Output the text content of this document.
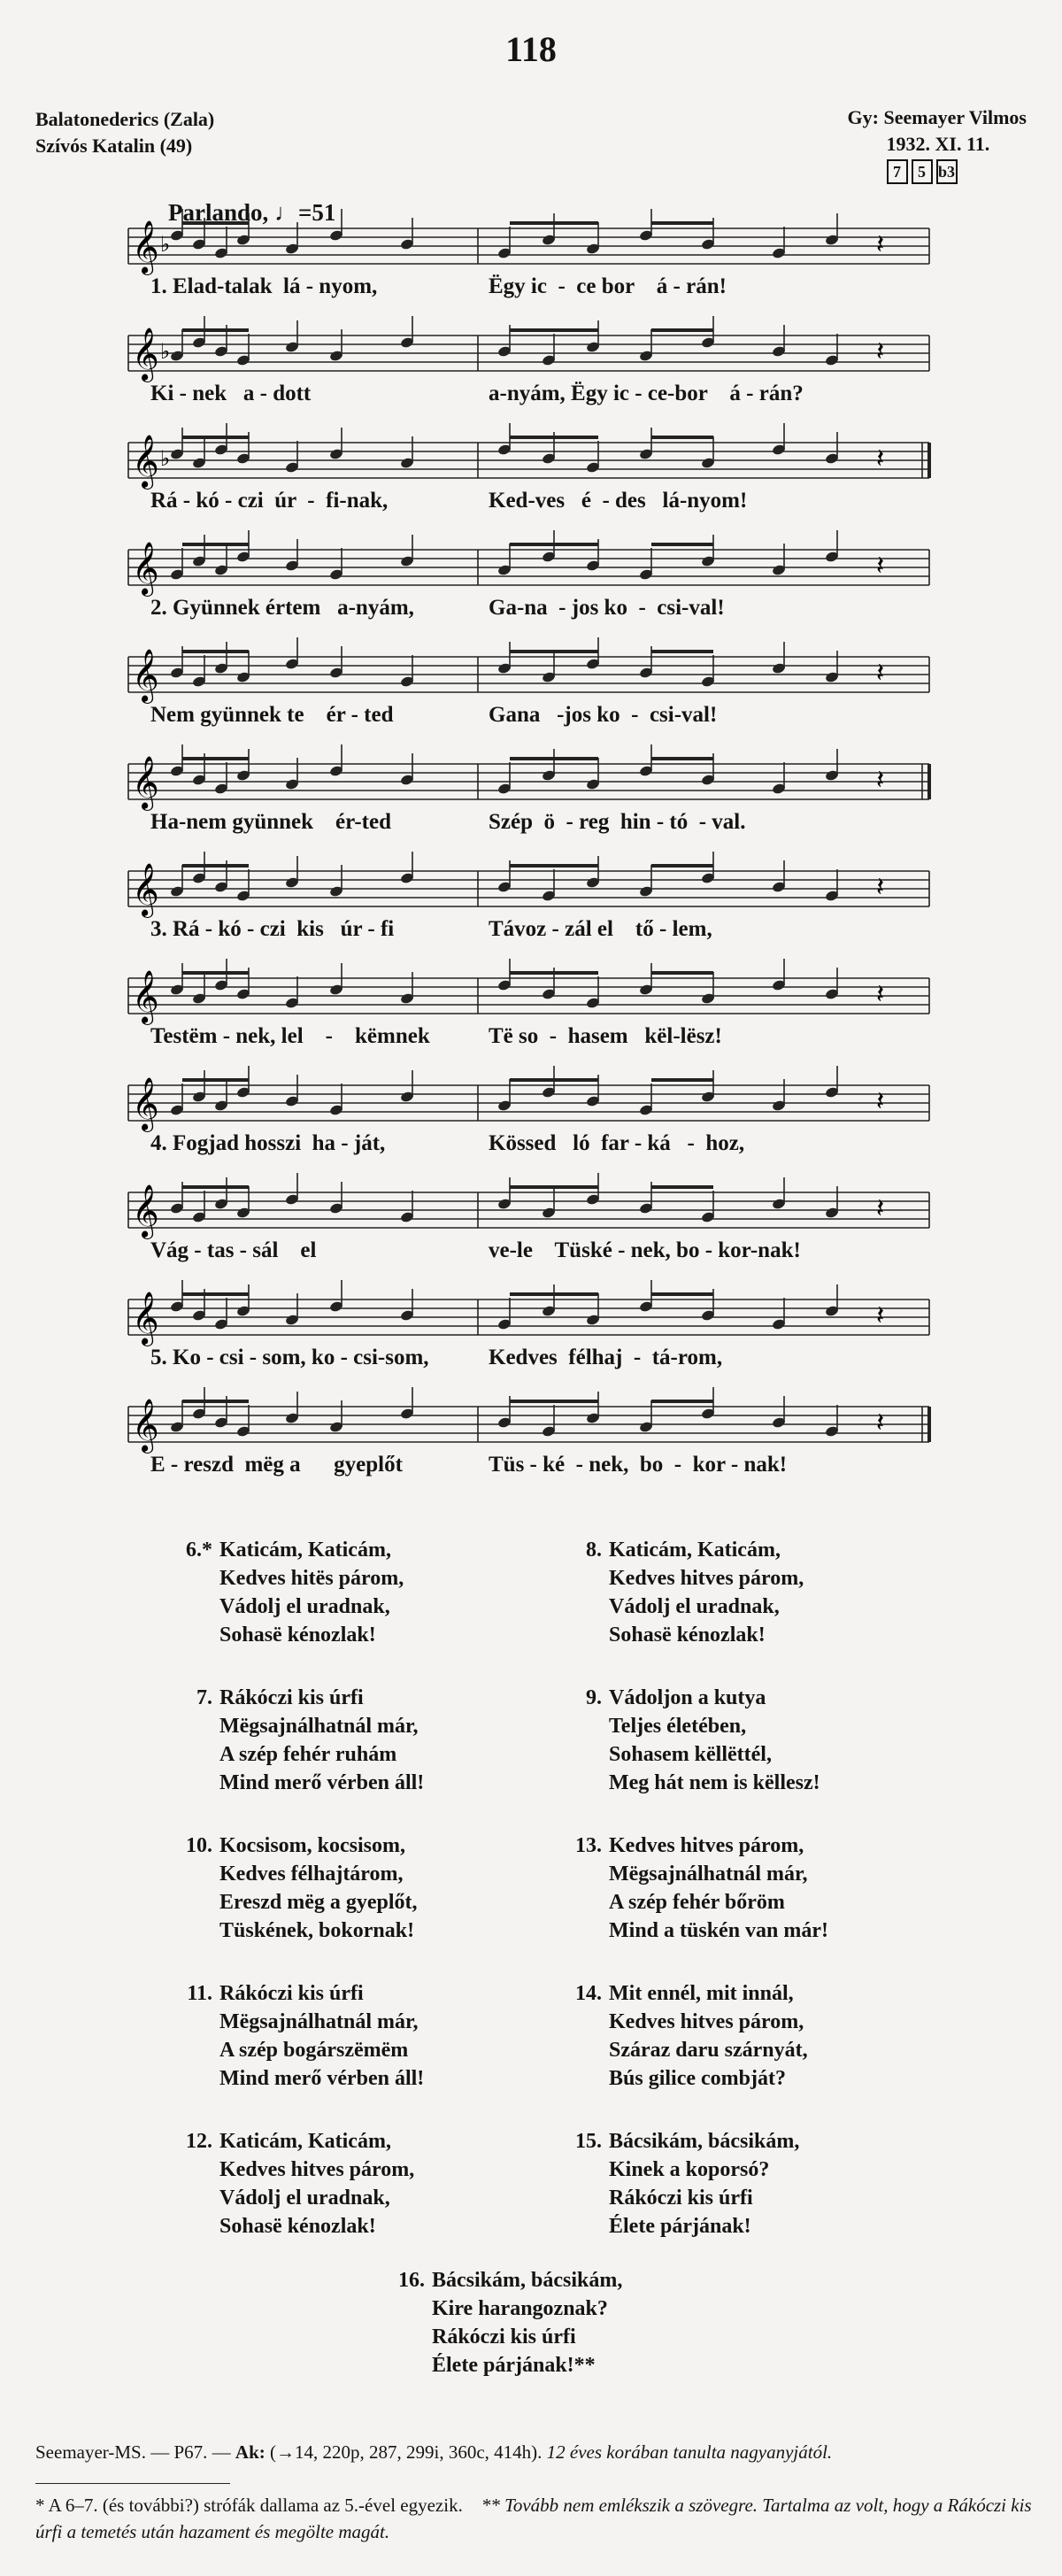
118
Balatonederics (Zala)
Szívós Katalin (49)
Gy: Seemayer Vilmos
1932. XI. 11.
7	5 b3
Parlando, ♩=51
𝄞 ♭	𝄽
1. Elad-talak  lá - nyom,	Ëgy ic  -  ce bor    á - rán!
𝄞 ♭	𝄽
Ki - nek   a - dott	a-nyám, Ëgy ic - ce-bor    á - rán?
𝄞 ♭	𝄽
Rá - kó - czi  úr  -  fi-nak,	Ked-ves   é  - des   lá-nyom!
𝄞	𝄽
2. Gyünnek értem   a-nyám,	Ga-na  - jos ko  -  csi-val!
𝄞	𝄽
Nem gyünnek te    ér - ted	Gana   -jos ko  -  csi-val!
𝄞	𝄽
Ha-nem gyünnek    ér-ted	Szép  ö  - reg  hin - tó  - val.
𝄞	𝄽
3. Rá - kó - czi  kis   úr - fi	Távoz - zál el    tő - lem,
𝄞	𝄽
Testëm - nek, lel    -    këmnek	Të so  -  hasem   kël-lësz!
𝄞	𝄽
4. Fogjad hosszi  ha - ját,	Kössed   ló  far - ká   -  hoz,
𝄞	𝄽
Vág - tas - sál    el	ve-le    Tüské - nek, bo - kor-nak!
𝄞	𝄽
5. Ko - csi - som, ko - csi-som,	Kedves  félhaj  -  tá-rom,
𝄞	𝄽
E - reszd  mëg a      gyeplőt	Tüs - ké  - nek,  bo  -  kor - nak!
6.* Katicám, Katicám,
Kedves hitës párom,
Vádolj el uradnak,
Sohasë kénozlak!
7. Rákóczi kis úrfi
Mëgsajnálhatnál már,
A szép fehér ruhám
Mind merő vérben áll!
10. Kocsisom, kocsisom,
Kedves félhajtárom,
Ereszd mëg a gyeplőt,
Tüskének, bokornak!
11. Rákóczi kis úrfi
Mëgsajnálhatnál már,
A szép bogárszëmëm
Mind merő vérben áll!
12. Katicám, Katicám,
Kedves hitves párom,
Vádolj el uradnak,
Sohasë kénozlak!
8. Katicám, Katicám,
Kedves hitves párom,
Vádolj el uradnak,
Sohasë kénozlak!
9. Vádoljon a kutya
Teljes életében,
Sohasem këllëttél,
Meg hát nem is këllesz!
13. Kedves hitves párom,
Mëgsajnálhatnál már,
A szép fehér bőröm
Mind a tüskén van már!
14. Mit ennél, mit innál,
Kedves hitves párom,
Száraz daru szárnyát,
Bús gilice combját?
15. Bácsikám, bácsikám,
Kinek a koporsó?
Rákóczi kis úrfi
Élete párjának!
16. Bácsikám, bácsikám,
Kire harangoznak?
Rákóczi kis úrfi
Élete párjának!**
Seemayer-MS. — P67. — Ak: (→14, 220p, 287, 299i, 360c, 414h). 12 éves korában tanulta nagyanyjától.
* A 6–7. (és további?) strófák dallama az 5.-ével egyezik. ** Tovább nem emlékszik a szövegre. Tartalma az volt, hogy a Rákóczi kis úrfi a temetés után hazament és megölte magát.
